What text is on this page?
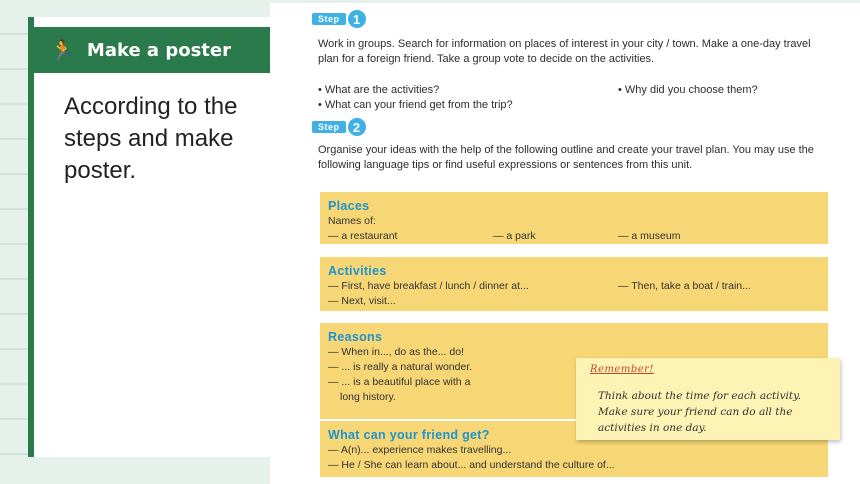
🏃 Make a poster
According to the
steps and make
poster.
Step	1
Work in groups. Search for information on places of interest in your city / town. Make a one-day travel plan for a foreign friend. Take a group vote to decide on the activities.
• What are the activities?
•	Why did you choose them?
• What can your friend get from the trip?
Step	2
Organise your ideas with the help of the following outline and create your travel plan. You may use the following language tips or find useful expressions or sentences from this unit.
Places
Names of:
— a restaurant	— a park	— a museum
Activities
— First, have breakfast / lunch / dinner at...	— Then, take a boat / train...
— Next, visit...
Reasons
— When in..., do as the... do!
— ... is really a natural wonder.
— ... is a beautiful place with a
long history.
What can your friend get?
— A(n)... experience makes travelling...
— He / She can learn about... and understand the culture of...
Remember!
Think about the time for each activity.
Make sure your friend can do all the
activities in one day.
